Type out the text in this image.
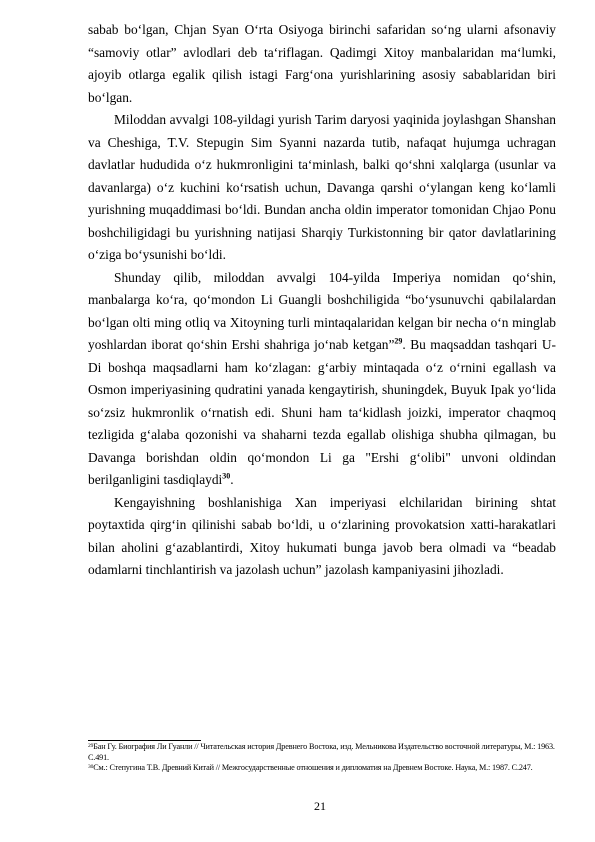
sabab boʻlgan, Chjan Syan Oʻrta Osiyoga birinchi safaridan soʻng ularni afsonaviy “samoviy otlar” avlodlari deb taʻriflagan. Qadimgi Xitoy manbalaridan maʻlumki, ajoyib otlarga egalik qilish istagi Fargʻona yurishlarining asosiy sabablaridan biri boʻlgan.

Miloddan avvalgi 108-yildagi yurish Tarim daryosi yaqinida joylashgan Shanshan va Cheshiga, T.V. Stepugin Sim Syanni nazarda tutib, nafaqat hujumga uchragan davlatlar hududida oʻz hukmronligini taʻminlash, balki qoʻshni xalqlarga (usunlar va davanlarga) oʻz kuchini koʻrsatish uchun, Davanga qarshi oʻylangan keng koʻlamli yurishning muqaddimasi boʻldi. Bundan ancha oldin imperator tomonidan Chjao Ponu boshchiligidagi bu yurishning natijasi Sharqiy Turkistonning bir qator davlatlarining oʻziga boʻysunishi boʻldi.

Shunday qilib, miloddan avvalgi 104-yilda Imperiya nomidan qoʻshin, manbalarga koʻra, qoʻmondon Li Guangli boshchiligida “boʻysunuvchi qabilalardan boʻlgan olti ming otliq va Xitoyning turli mintaqalaridan kelgan bir necha oʻn minglab yoshlardan iborat qoʻshin Ershi shahriga joʻnab ketgan”$^{29}$. Bu maqsaddan tashqari U-Di boshqa maqsadlarni ham koʻzlagan: gʻarbiy mintaqada oʻz oʻrnini egallash va Osmon imperiyasining qudratini yanada kengaytirish, shuningdek, Buyuk Ipak yoʻlida soʻzsiz hukmronlik oʻrnatish edi. Shuni ham taʻkidlash joizki, imperator chaqmoq tezligida gʻalaba qozonishi va shaharni tezda egallab olishiga shubha qilmagan, bu Davanga borishdan oldin qoʻmondon Li ga "Ershi gʻolibi" unvoni oldindan berilganligini tasdiqlaydi$^{30}$.

Kengayishning boshlanishiga Xan imperiyasi elchilaridan birining shtat poytaxtida qirgʻin qilinishi sabab boʻldi, u oʻzlarining provokatsion xatti-harakatlari bilan aholini gʻazablantirdi, Xitoy hukumati bunga javob bera olmadi va “beadab odamlarni tinchlantirish va jazolash uchun” jazolash kampaniyasini jihozladi.

$^{29}$Бан Гу. Биография Ли Гуанли // Читательская история Древнего Востока, изд. Мельникова Издательство восточной литературы, М.: 1963. С.491.

$^{30}$См.: Степугина Т.В. Древний Китай // Межгосударственные отношения и дипломатия на Древнем Востоке. Наука, М.: 1987. С.247.

21
